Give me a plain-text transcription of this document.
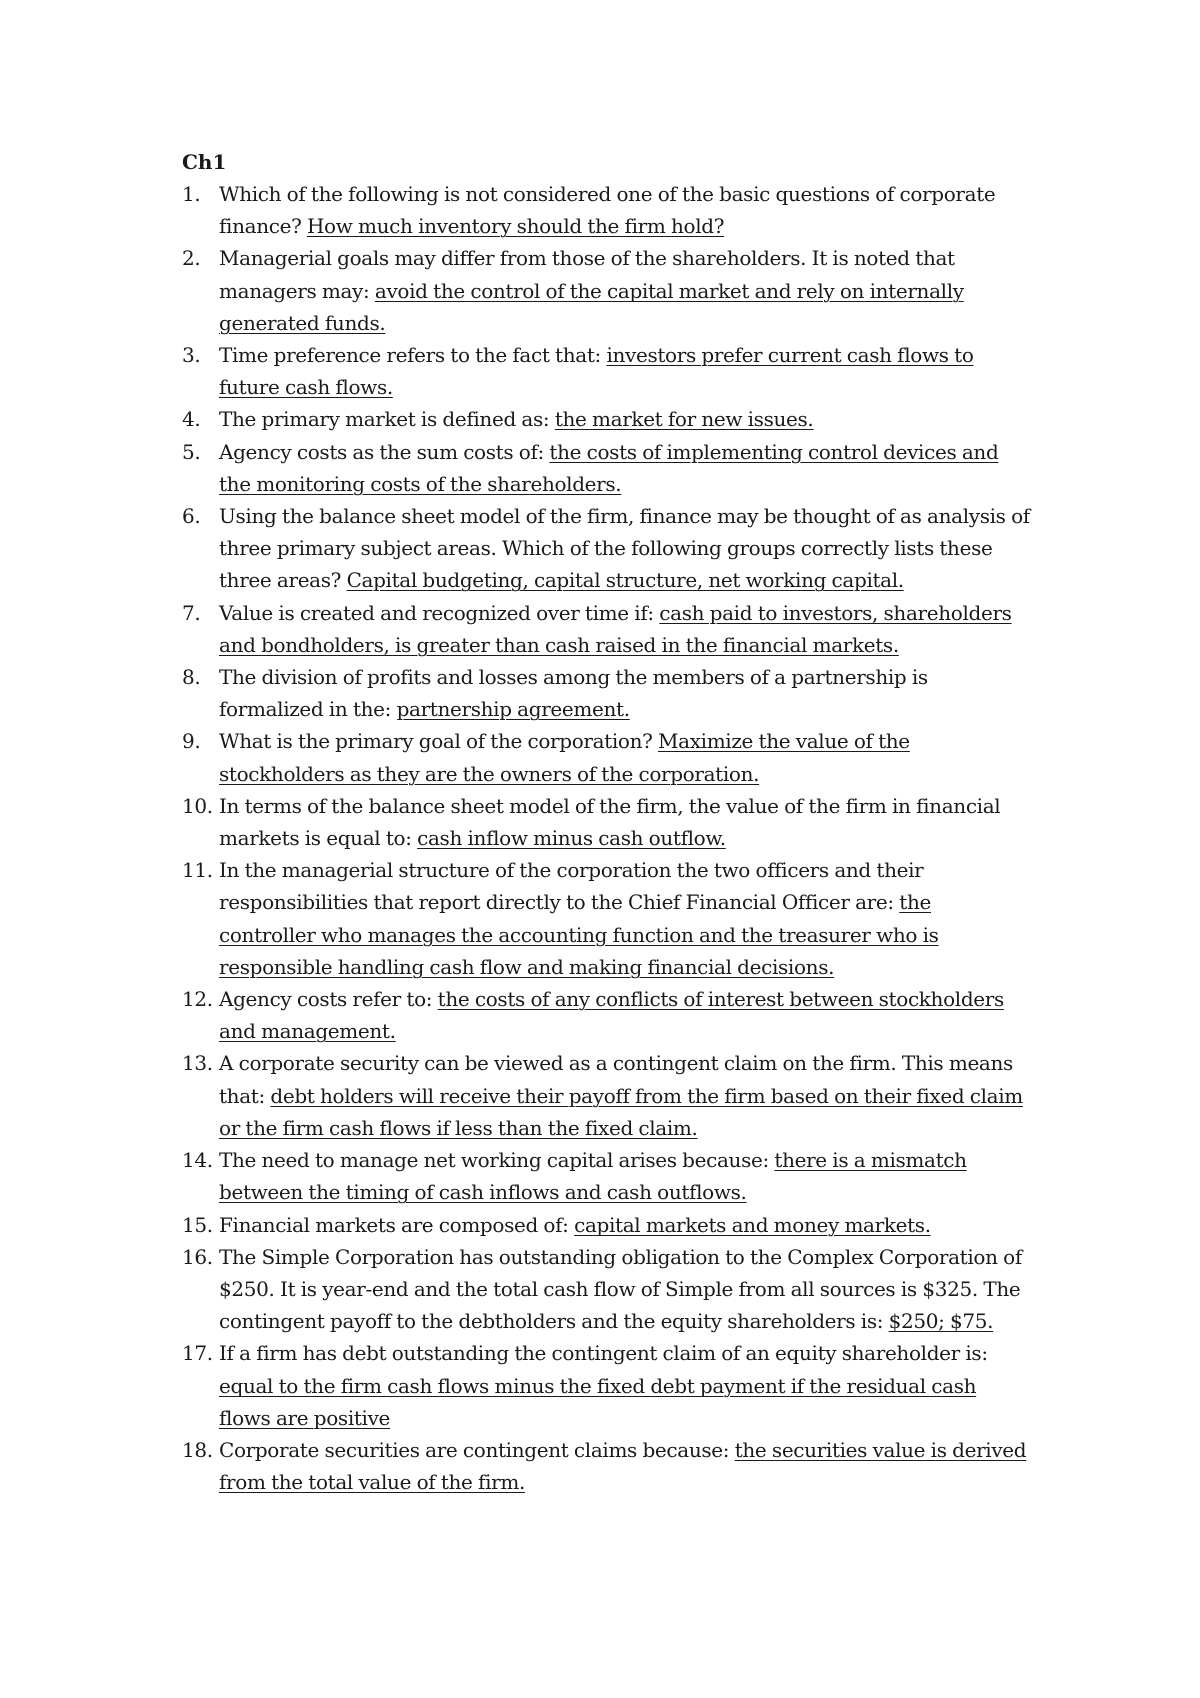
Ch1
1. Which of the following is not considered one of the basic questions of corporate finance? How much inventory should the firm hold?
2. Managerial goals may differ from those of the shareholders. It is noted that managers may: avoid the control of the capital market and rely on internally generated funds.
3. Time preference refers to the fact that: investors prefer current cash flows to future cash flows.
4. The primary market is defined as: the market for new issues.
5. Agency costs as the sum costs of: the costs of implementing control devices and the monitoring costs of the shareholders.
6. Using the balance sheet model of the firm, finance may be thought of as analysis of three primary subject areas. Which of the following groups correctly lists these three areas? Capital budgeting, capital structure, net working capital.
7. Value is created and recognized over time if: cash paid to investors, shareholders and bondholders, is greater than cash raised in the financial markets.
8. The division of profits and losses among the members of a partnership is formalized in the: partnership agreement.
9. What is the primary goal of the corporation? Maximize the value of the stockholders as they are the owners of the corporation.
10. In terms of the balance sheet model of the firm, the value of the firm in financial markets is equal to: cash inflow minus cash outflow.
11. In the managerial structure of the corporation the two officers and their responsibilities that report directly to the Chief Financial Officer are: the controller who manages the accounting function and the treasurer who is responsible handling cash flow and making financial decisions.
12. Agency costs refer to: the costs of any conflicts of interest between stockholders and management.
13. A corporate security can be viewed as a contingent claim on the firm. This means that: debt holders will receive their payoff from the firm based on their fixed claim or the firm cash flows if less than the fixed claim.
14. The need to manage net working capital arises because: there is a mismatch between the timing of cash inflows and cash outflows.
15. Financial markets are composed of: capital markets and money markets.
16. The Simple Corporation has outstanding obligation to the Complex Corporation of $250. It is year-end and the total cash flow of Simple from all sources is $325. The contingent payoff to the debtholders and the equity shareholders is: $250; $75.
17. If a firm has debt outstanding the contingent claim of an equity shareholder is: equal to the firm cash flows minus the fixed debt payment if the residual cash flows are positive
18. Corporate securities are contingent claims because: the securities value is derived from the total value of the firm.
